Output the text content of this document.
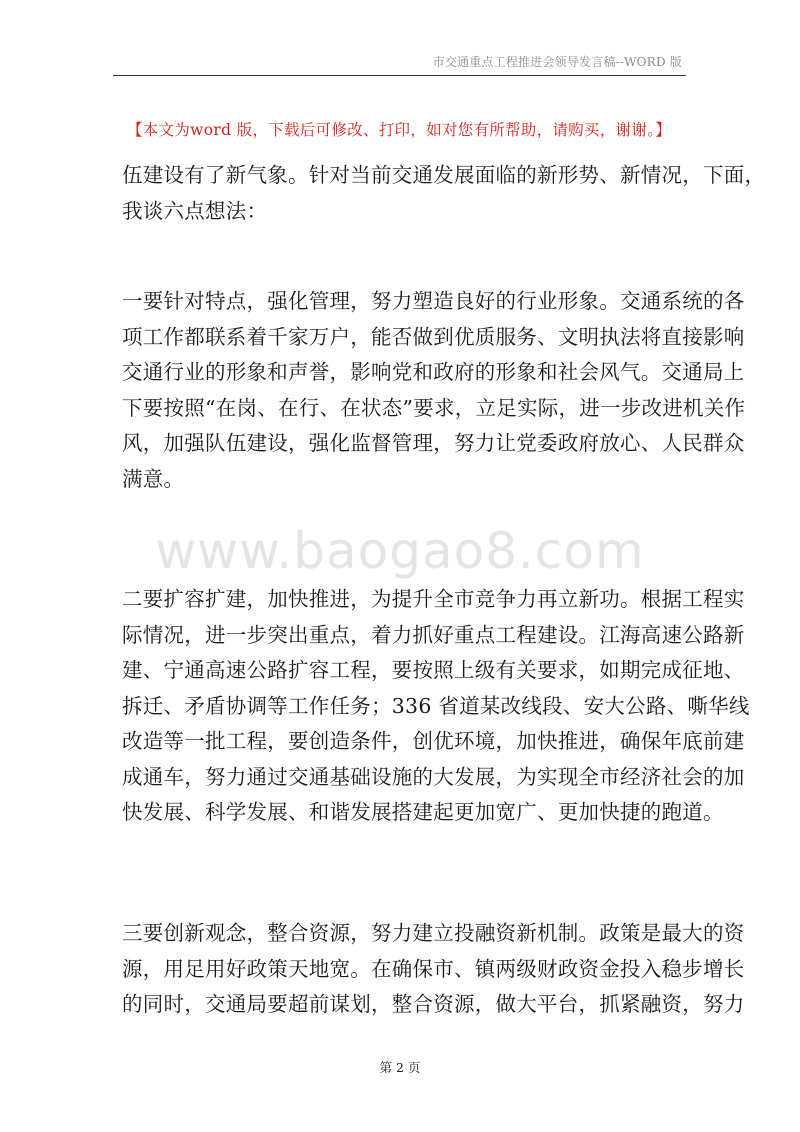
市交通重点工程推进会领导发言稿--WORD 版
【本文为word 版，下载后可修改、打印，如对您有所帮助，请购买，谢谢。】
www.baogao8.com
伍建设有了新气象。针对当前交通发展面临的新形势、新情况，下面，
我谈六点想法：
一要针对特点，强化管理，努力塑造良好的行业形象。交通系统的各
项工作都联系着千家万户，能否做到优质服务、文明执法将直接影响
交通行业的形象和声誉，影响党和政府的形象和社会风气。交通局上
下要按照“在岗、在行、在状态”要求，立足实际，进一步改进机关作
风，加强队伍建设，强化监督管理，努力让党委政府放心、人民群众
满意。
二要扩容扩建，加快推进，为提升全市竞争力再立新功。根据工程实
际情况，进一步突出重点，着力抓好重点工程建设。江海高速公路新
建、宁通高速公路扩容工程，要按照上级有关要求，如期完成征地、
拆迁、矛盾协调等工作任务；336 省道某改线段、安大公路、嘶华线
改造等一批工程，要创造条件，创优环境，加快推进，确保年底前建
成通车，努力通过交通基础设施的大发展，为实现全市经济社会的加
快发展、科学发展、和谐发展搭建起更加宽广、更加快捷的跑道。
三要创新观念，整合资源，努力建立投融资新机制。政策是最大的资
源，用足用好政策天地宽。在确保市、镇两级财政资金投入稳步增长
的同时，交通局要超前谋划，整合资源，做大平台，抓紧融资，努力
第 2 页
